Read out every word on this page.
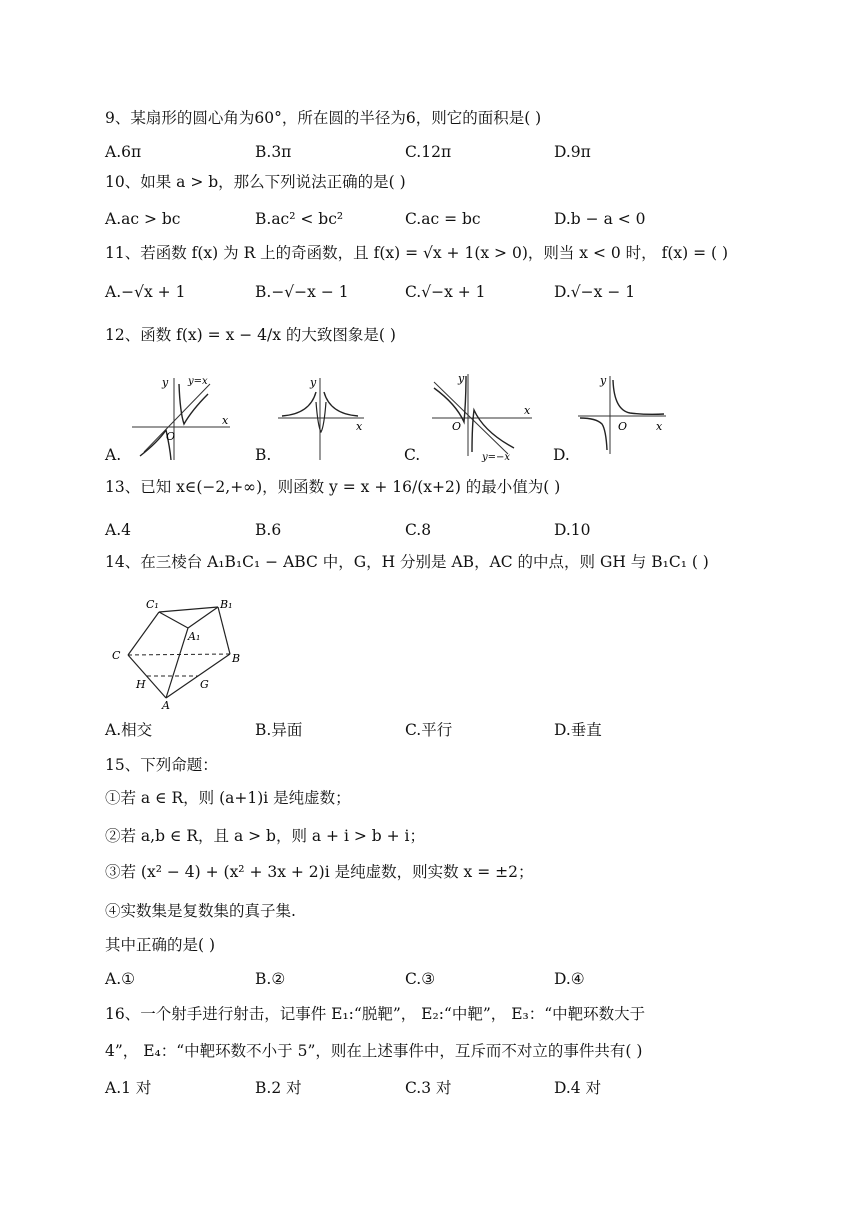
9、某扇形的圆心角为60°，所在圆的半径为6，则它的面积是( )
A.6π	B.3π	C.12π	D.9π
10、如果 a > b，那么下列说法正确的是( )
A.ac > bc	B.ac² < bc²	C.ac = bc	D.b − a < 0
11、若函数 f(x) 为 R 上的奇函数，且 f(x) = √x + 1(x > 0)，则当 x < 0 时， f(x) = ( )
A.−√x + 1	B.−√−x − 1	C.√−x + 1	D.√−x − 1
12、函数 f(x) = x − 4/x 的大致图象是( )
y y=x
O
x
A.
y
x
B.
y
O
x
y=−x
C.
y
O	x
D.
13、已知 x∈(−2,+∞)，则函数 y = x + 16/(x+2) 的最小值为( )
A.4	B.6	C.8	D.10
14、在三棱台 A₁B₁C₁ − ABC 中，G，H 分别是 AB，AC 的中点，则 GH 与 B₁C₁ ( )
C₁	B₁
A₁
C	B
H	G
A
A.相交	B.异面	C.平行	D.垂直
15、下列命题：
①若 a ∈ R，则 (a+1)i 是纯虚数；
②若 a,b ∈ R，且 a > b，则 a + i > b + i；
③若 (x² − 4) + (x² + 3x + 2)i 是纯虚数，则实数 x = ±2；
④实数集是复数集的真子集.
其中正确的是( )
A.①	B.②	C.③	D.④
16、一个射手进行射击，记事件 E₁:“脱靶”， E₂:“中靶”， E₃：“中靶环数大于
4”， E₄：“中靶环数不小于 5”，则在上述事件中，互斥而不对立的事件共有( )
A.1 对	B.2 对	C.3 对	D.4 对
